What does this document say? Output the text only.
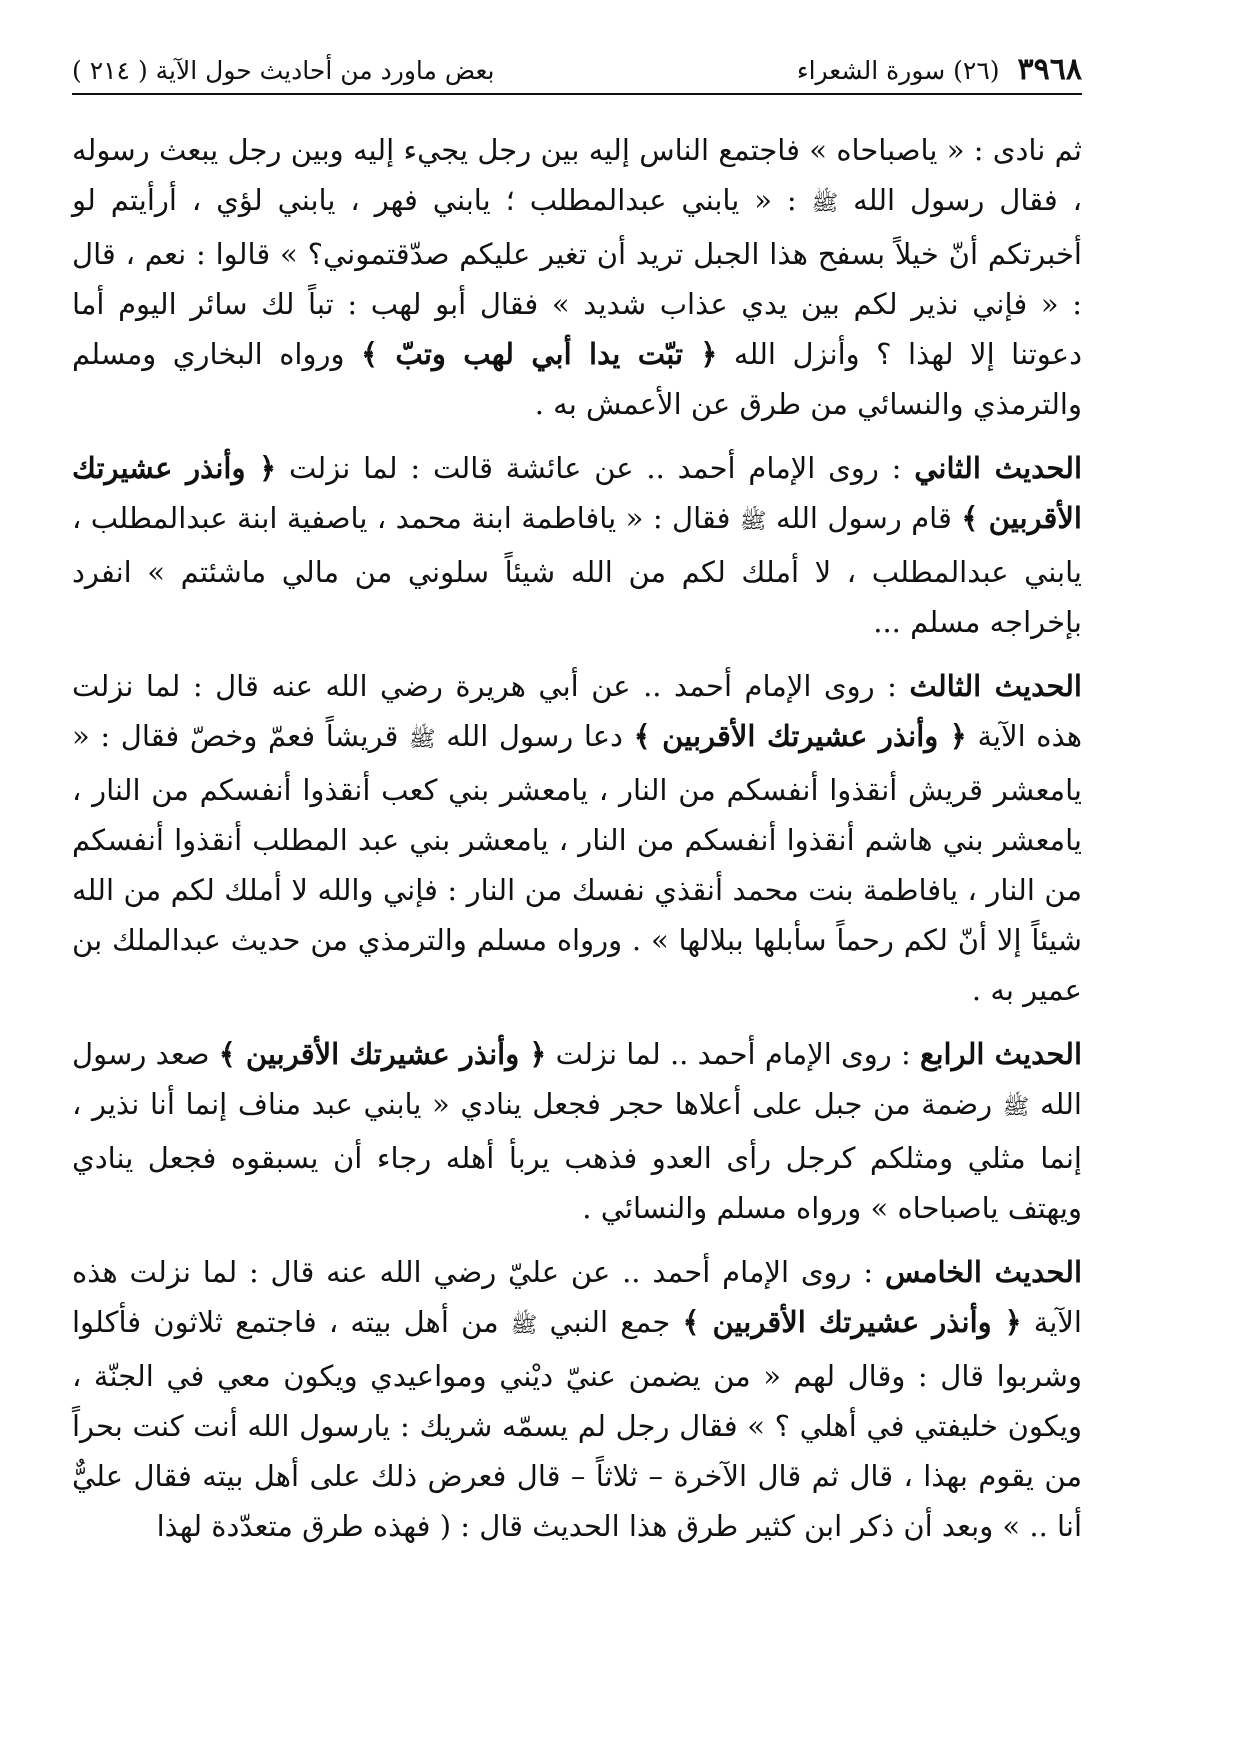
٣٩٦٨
(٢٦) سورة الشعراء
بعض ماورد من أحاديث حول الآية ( ٢١٤ )

ثم نادى : « ياصباحاه » فاجتمع الناس إليه بين رجل يجيء إليه وبين رجل يبعث رسوله ، فقال رسول الله ﷺ : « يابني عبدالمطلب ؛ يابني فهر ، يابني لؤي ، أرأيتم لو أخبرتكم أنّ خيلاً بسفح هذا الجبل تريد أن تغير عليكم صدّقتموني؟ » قالوا : نعم ، قال : « فإني نذير لكم بين يدي عذاب شديد » فقال أبو لهب : تباً لك سائر اليوم أما دعوتنا إلا لهذا ؟ وأنزل الله ﴿ تبّت يدا أبي لهب وتبّ ﴾ ورواه البخاري ومسلم والترمذي والنسائي من طرق عن الأعمش به .

الحديث الثاني : روى الإمام أحمد .. عن عائشة قالت : لما نزلت ﴿ وأنذر عشيرتك الأقربين ﴾ قام رسول الله ﷺ فقال : « يافاطمة ابنة محمد ، ياصفية ابنة عبدالمطلب ، يابني عبدالمطلب ، لا أملك لكم من الله شيئاً سلوني من مالي ماشئتم » انفرد بإخراجه مسلم ...

الحديث الثالث : روى الإمام أحمد .. عن أبي هريرة رضي الله عنه قال : لما نزلت هذه الآية ﴿ وأنذر عشيرتك الأقربين ﴾ دعا رسول الله ﷺ قريشاً فعمّ وخصّ فقال : « يامعشر قريش أنقذوا أنفسكم من النار ، يامعشر بني كعب أنقذوا أنفسكم من النار ، يامعشر بني هاشم أنقذوا أنفسكم من النار ، يامعشر بني عبد المطلب أنقذوا أنفسكم من النار ، يافاطمة بنت محمد أنقذي نفسك من النار : فإني والله لا أملك لكم من الله شيئاً إلا أنّ لكم رحماً سأبلها ببلالها » . ورواه مسلم والترمذي من حديث عبدالملك بن عمير به .

الحديث الرابع : روى الإمام أحمد .. لما نزلت ﴿ وأنذر عشيرتك الأقربين ﴾ صعد رسول الله ﷺ رضمة من جبل على أعلاها حجر فجعل ينادي « يابني عبد مناف إنما أنا نذير ، إنما مثلي ومثلكم كرجل رأى العدو فذهب يربأ أهله رجاء أن يسبقوه فجعل ينادي ويهتف ياصباحاه » ورواه مسلم والنسائي .

الحديث الخامس : روى الإمام أحمد .. عن عليّ رضي الله عنه قال : لما نزلت هذه الآية ﴿ وأنذر عشيرتك الأقربين ﴾ جمع النبي ﷺ من أهل بيته ، فاجتمع ثلاثون فأكلوا وشربوا قال : وقال لهم « من يضمن عنيّ ديْني ومواعيدي ويكون معي في الجنّة ، ويكون خليفتي في أهلي ؟ » فقال رجل لم يسمّه شريك : يارسول الله أنت كنت بحراً من يقوم بهذا ، قال ثم قال الآخرة – ثلاثاً – قال فعرض ذلك على أهل بيته فقال عليٌّ أنا .. » وبعد أن ذكر ابن كثير طرق هذا الحديث قال : ( فهذه طرق متعدّدة لهذا
